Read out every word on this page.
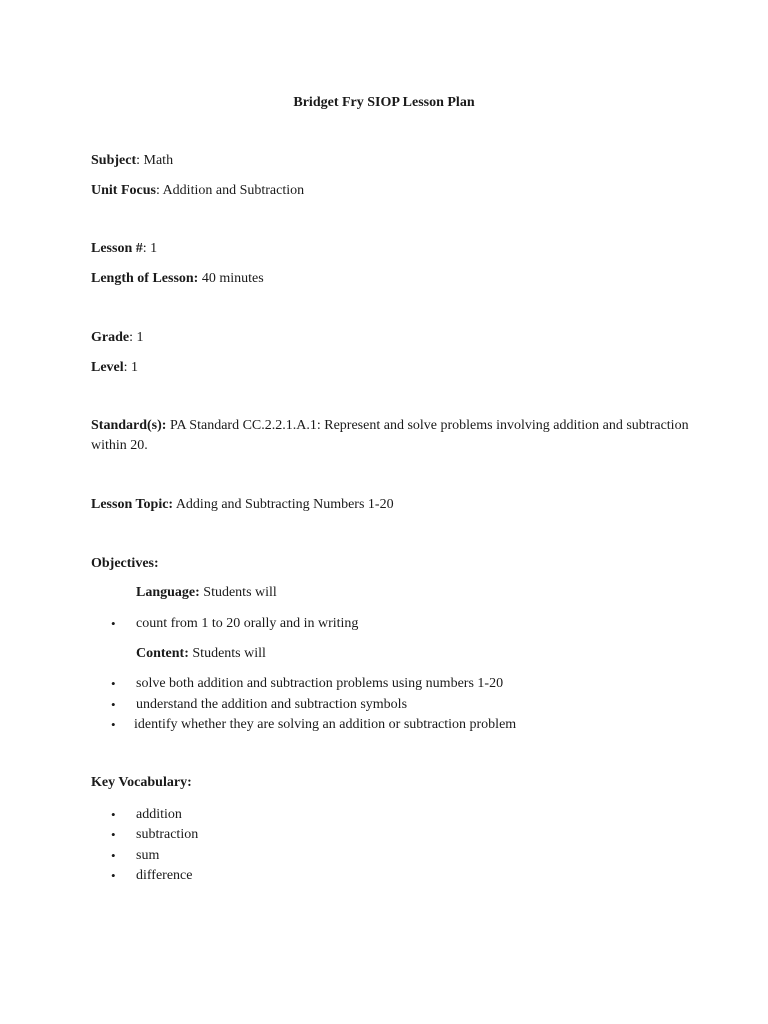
Bridget Fry SIOP Lesson Plan
Subject: Math
Unit Focus: Addition and Subtraction
Lesson #: 1
Length of Lesson: 40 minutes
Grade: 1
Level: 1
Standard(s): PA Standard CC.2.2.1.A.1: Represent and solve problems involving addition and subtraction within 20.
Lesson Topic: Adding and Subtracting Numbers 1-20
Objectives:
Language: Students will
•	count from 1 to 20 orally and in writing
Content: Students will
•	solve both addition and subtraction problems using numbers 1-20
•	understand the addition and subtraction symbols
•	identify whether they are solving an addition or subtraction problem
Key Vocabulary:
•	addition
•	subtraction
•	sum
•	difference
